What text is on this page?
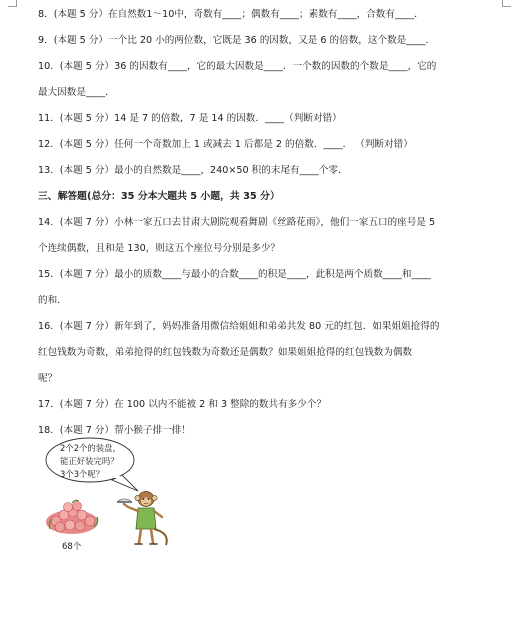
8．(本题 5 分）在自然数1～10中，奇数有____；偶数有____；素数有____，合数有____．
9．(本题 5 分）一个比 20 小的两位数，它既是 36 的因数，又是 6 的倍数，这个数是____．
10．(本题 5 分）36 的因数有____，它的最大因数是____．一个数的因数的个数是____，它的
最大因数是____．
11．(本题 5 分）14 是 7 的倍数，7 是 14 的因数．____（判断对错）
12．(本题 5 分）任何一个奇数加上 1 或减去 1 后都是 2 的倍数．____． （判断对错）
13．(本题 5 分）最小的自然数是____，240×50 积的末尾有____个零．
三、解答题(总分：35 分本大题共 5 小题，共 35 分）
14．(本题 7 分）小林一家五口去甘肃大剧院观看舞剧《丝路花雨》，他们一家五口的座号是 5
个连续偶数，且和是 130，则这五个座位号分别是多少？
15．(本题 7 分）最小的质数____与最小的合数____的积是____，此积是两个质数____和____
的和．
16．(本题 7 分）新年到了，妈妈准备用微信给姐姐和弟弟共发 80 元的红包．如果姐姐抢得的
红包钱数为奇数，弟弟抢得的红包钱数为奇数还是偶数？如果姐姐抢得的红包钱数为偶数
呢？
17．(本题 7 分）在 100 以内不能被 2 和 3 整除的数共有多少个？
18．(本题 7 分）帮小猴子排一排！
2个2个的装盘，
能正好装完吗？
3个3个呢？
68个
